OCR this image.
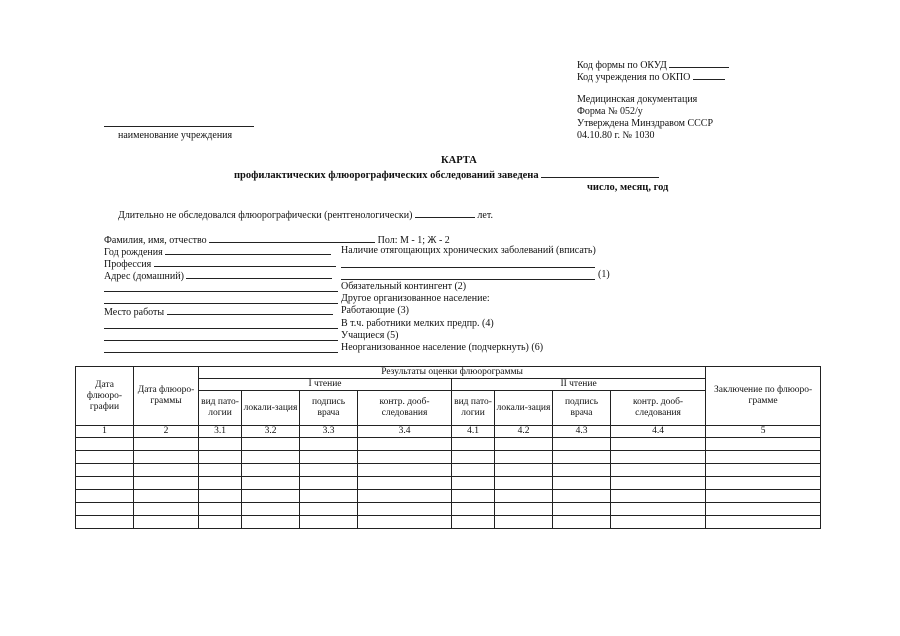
Код формы по ОКУД
Код учреждения по ОКПО
Медицинская документация
Форма № 052/у
Утверждена Минздравом СССР
04.10.80 г. № 1030
наименование учреждения
КАРТА
профилактических флюорографических обследований заведена
число, месяц, год
Длительно не обследовался флюорографически (рентгенологически)	лет.
Фамилия, имя, отчество	Пол: М - 1; Ж - 2
Год рождения	Наличие отягощающих хронических заболеваний (вписать)
Профессия
Адрес (домашний)	(1)
Обязательный контингент (2)
Другое организованное население:
Место работы	Работающие (3)
В т.ч. работники мелких предпр. (4)
Учащиеся (5)
Неорганизованное население (подчеркнуть) (6)
Дата флюоро-графии	Дата флюоро-граммы	Результаты оценки флюорограммы								Заключение по флюоро-грамме
		I чтение				II чтение				
		вид пато-логии	локали-зация	подпись врача	контр. дооб-следования	вид пато-логии	локали-зация	подпись врача	контр. дооб-следования	
1	2	3.1	3.2	3.3	3.4	4.1	4.2	4.3	4.4	5
